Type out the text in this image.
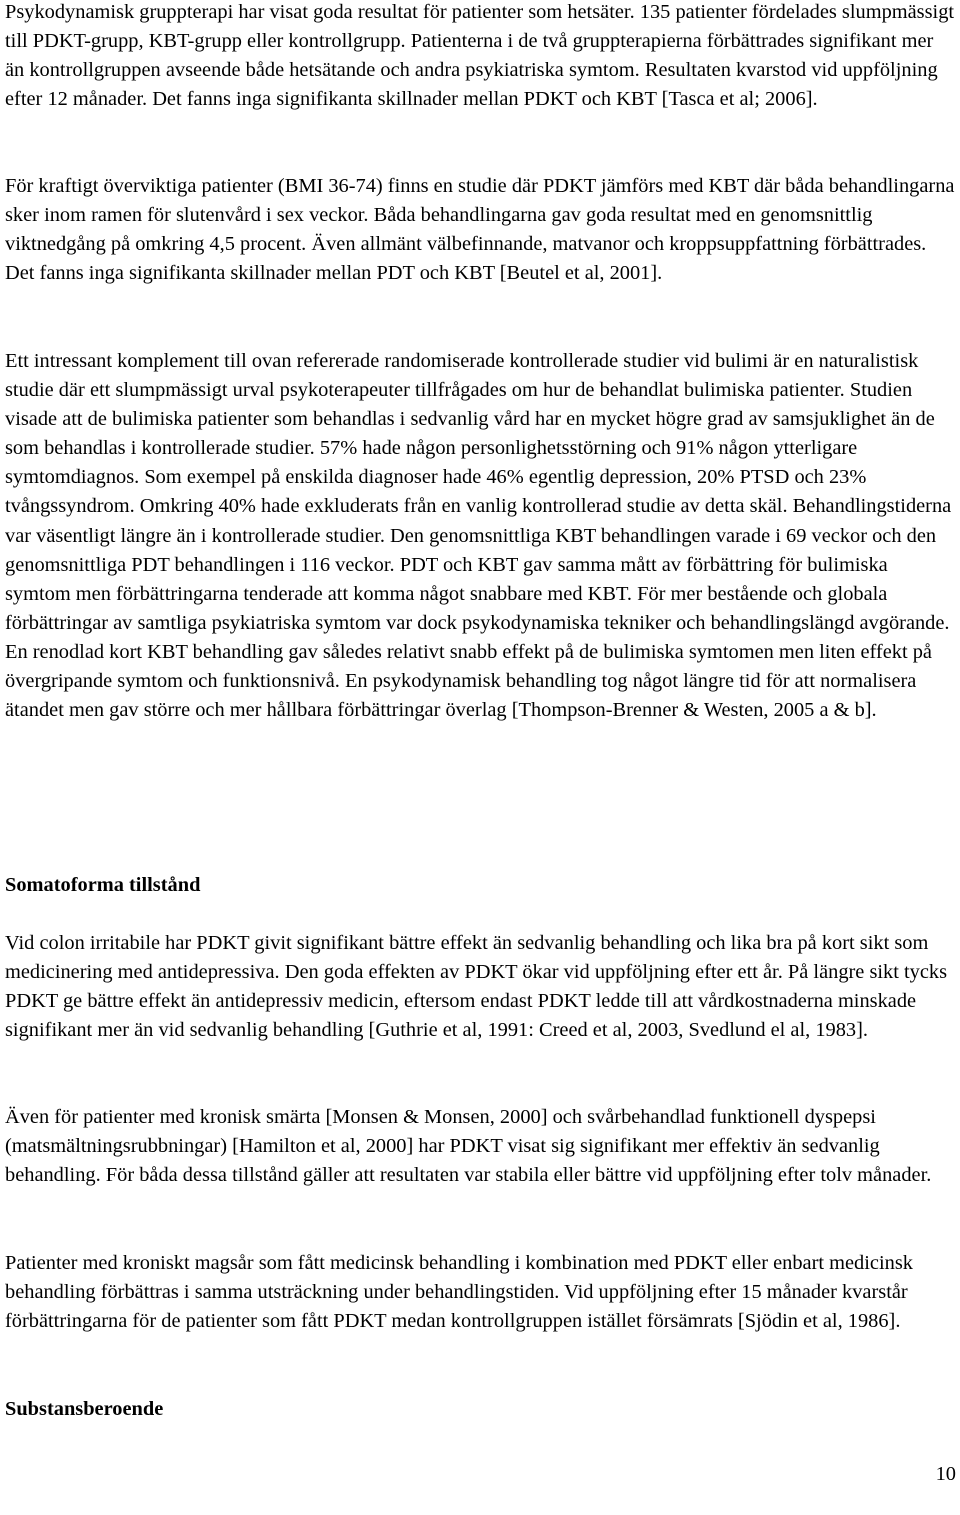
Psykodynamisk gruppterapi har visat goda resultat för patienter som hetsäter. 135 patienter fördelades slumpmässigt till PDKT-grupp, KBT-grupp eller kontrollgrupp. Patienterna i de två gruppterapierna förbättrades signifikant mer än kontrollgruppen avseende både hetsätande och andra psykiatriska symtom. Resultaten kvarstod vid uppföljning efter 12 månader. Det fanns inga signifikanta skillnader mellan PDKT och KBT [Tasca et al; 2006].

För kraftigt överviktiga patienter (BMI 36-74) finns en studie där PDKT jämförs med KBT där båda behandlingarna sker inom ramen för slutenvård i sex veckor. Båda behandlingarna gav goda resultat med en genomsnittlig viktnedgång på omkring 4,5 procent. Även allmänt välbefinnande, matvanor och kroppsuppfattning förbättrades. Det fanns inga signifikanta skillnader mellan PDT och KBT [Beutel et al, 2001].

Ett intressant komplement till ovan refererade randomiserade kontrollerade studier vid bulimi är en naturalistisk studie där ett slumpmässigt urval psykoterapeuter tillfrågades om hur de behandlat bulimiska patienter. Studien visade att de bulimiska patienter som behandlas i sedvanlig vård har en mycket högre grad av samsjuklighet än de som behandlas i kontrollerade studier. 57% hade någon personlighetsstörning och 91% någon ytterligare symtomdiagnos. Som exempel på enskilda diagnoser hade 46% egentlig depression, 20% PTSD och 23% tvångssyndrom. Omkring 40% hade exkluderats från en vanlig kontrollerad studie av detta skäl. Behandlingstiderna var väsentligt längre än i kontrollerade studier. Den genomsnittliga KBT behandlingen varade i 69 veckor och den genomsnittliga PDT behandlingen i 116 veckor. PDT och KBT gav samma mått av förbättring för bulimiska symtom men förbättringarna tenderade att komma något snabbare med KBT. För mer bestående och globala förbättringar av samtliga psykiatriska symtom var dock psykodynamiska tekniker och behandlingslängd avgörande. En renodlad kort KBT behandling gav således relativt snabb effekt på de bulimiska symtomen men liten effekt på övergripande symtom och funktionsnivå. En psykodynamisk behandling tog något längre tid för att normalisera ätandet men gav större och mer hållbara förbättringar överlag [Thompson-Brenner & Westen, 2005 a & b].

Somatoforma tillstånd

Vid colon irritabile har PDKT givit signifikant bättre effekt än sedvanlig behandling och lika bra på kort sikt som medicinering med antidepressiva. Den goda effekten av PDKT ökar vid uppföljning efter ett år. På längre sikt tycks PDKT ge bättre effekt än antidepressiv medicin, eftersom endast PDKT ledde till att vårdkostnaderna minskade signifikant mer än vid sedvanlig behandling [Guthrie et al, 1991: Creed et al, 2003, Svedlund el al, 1983].

Även för patienter med kronisk smärta [Monsen & Monsen, 2000] och svårbehandlad funktionell dyspepsi (matsmältningsrubbningar) [Hamilton et al, 2000] har PDKT visat sig signifikant mer effektiv än sedvanlig behandling. För båda dessa tillstånd gäller att resultaten var stabila eller bättre vid uppföljning efter tolv månader.

Patienter med kroniskt magsår som fått medicinsk behandling i kombination med PDKT eller enbart medicinsk behandling förbättras i samma utsträckning under behandlingstiden. Vid uppföljning efter 15 månader kvarstår förbättringarna för de patienter som fått PDKT medan kontrollgruppen istället försämrats [Sjödin et al, 1986].

Substansberoende
10
